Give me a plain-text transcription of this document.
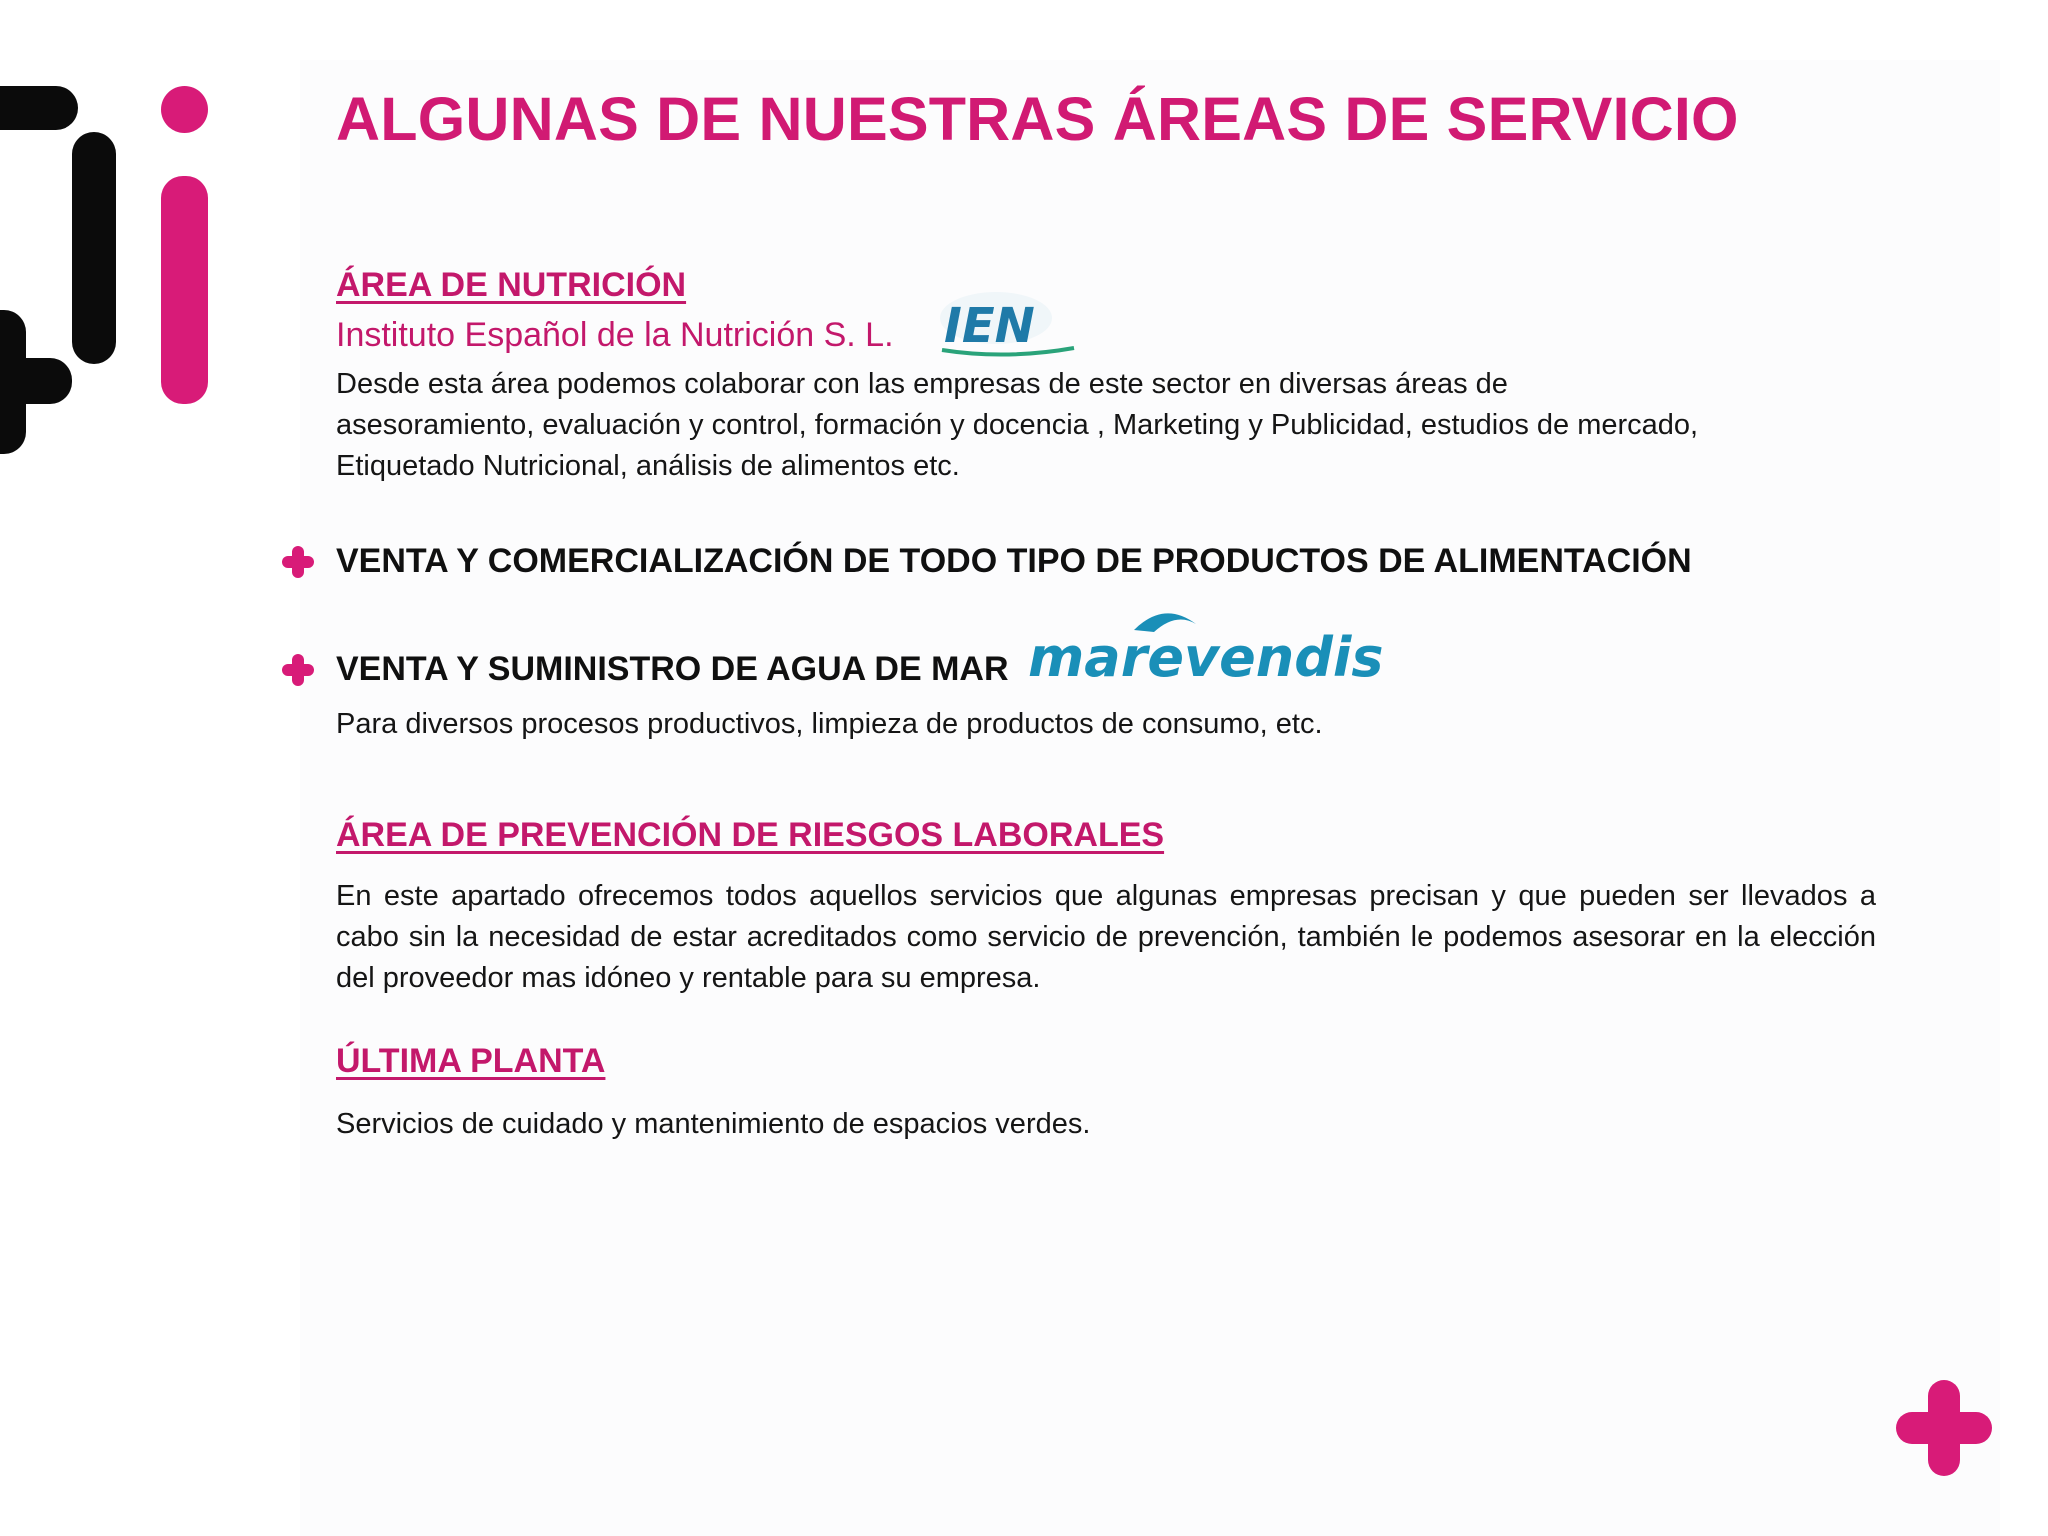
ALGUNAS DE NUESTRAS ÁREAS DE SERVICIO
ÁREA DE NUTRICIÓN
Instituto Español de la Nutrición S. L. IEN

Desde esta área podemos colaborar con las empresas de este sector en diversas áreas de
asesoramiento, evaluación y control, formación y docencia , Marketing y Publicidad, estudios de mercado,
Etiquetado Nutricional, análisis de alimentos etc.

VENTA Y COMERCIALIZACIÓN DE TODO TIPO DE PRODUCTOS DE ALIMENTACIÓN
VENTA Y SUMINISTRO DE AGUA DE MAR marevendis

Para diversos procesos productivos, limpieza de productos de consumo, etc.

ÁREA DE PREVENCIÓN DE RIESGOS LABORALES

En este apartado ofrecemos todos aquellos servicios que algunas empresas precisan y que pueden ser llevados a cabo sin la necesidad de estar acreditados como servicio de prevención, también le podemos asesorar en la elección del proveedor mas idóneo y rentable para su empresa.

ÚLTIMA PLANTA

Servicios de cuidado y mantenimiento de espacios verdes.
